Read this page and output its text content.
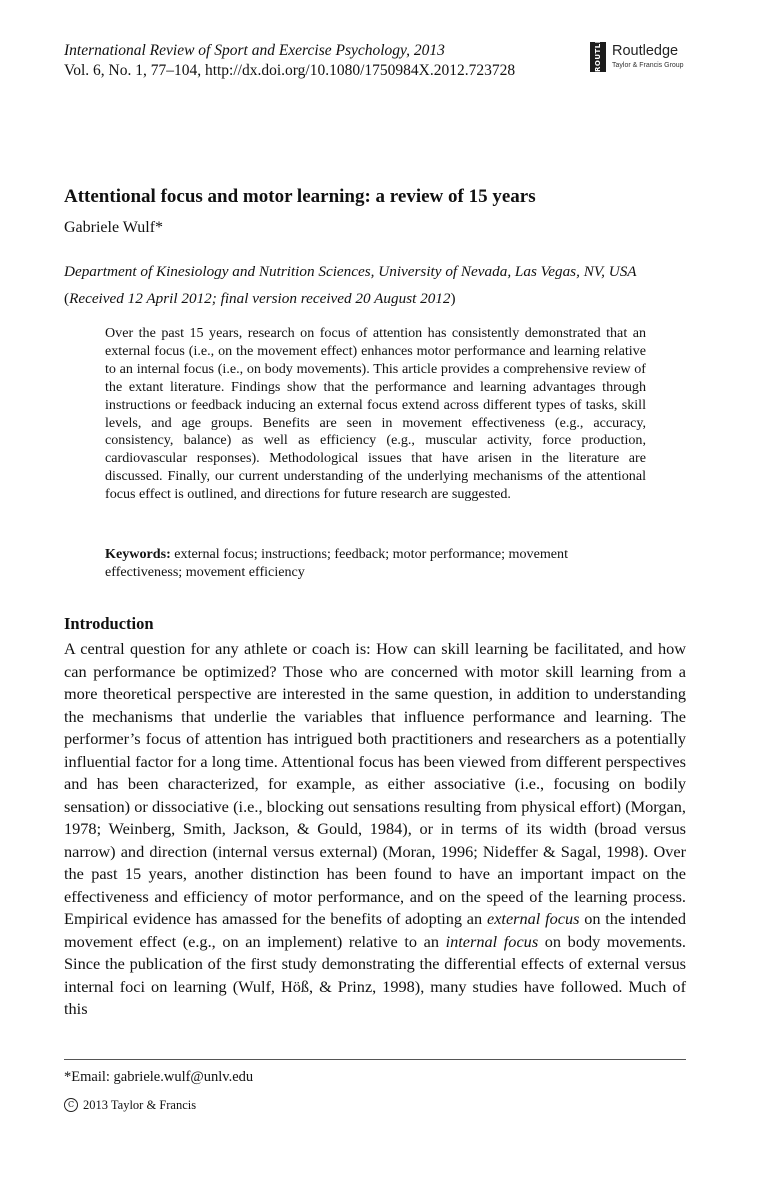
International Review of Sport and Exercise Psychology, 2013
Vol. 6, No. 1, 77–104, http://dx.doi.org/10.1080/1750984X.2012.723728	ROUTLEDGE Routledge
Taylor & Francis Group
Attentional focus and motor learning: a review of 15 years
Gabriele Wulf*
Department of Kinesiology and Nutrition Sciences, University of Nevada, Las Vegas, NV, USA
(Received 12 April 2012; final version received 20 August 2012)
Over the past 15 years, research on focus of attention has consistently demonstrated that an external focus (i.e., on the movement effect) enhances motor performance and learning relative to an internal focus (i.e., on body movements). This article provides a comprehensive review of the extant literature. Findings show that the performance and learning advantages through instructions or feedback inducing an external focus extend across different types of tasks, skill levels, and age groups. Benefits are seen in movement effectiveness (e.g., accuracy, consistency, balance) as well as efficiency (e.g., muscular activity, force production, cardiovascular responses). Methodological issues that have arisen in the literature are discussed. Finally, our current understanding of the underlying mechanisms of the attentional focus effect is outlined, and directions for future research are suggested.
Keywords: external focus; instructions; feedback; motor performance; movement effectiveness; movement efficiency
Introduction
A central question for any athlete or coach is: How can skill learning be facilitated, and how can performance be optimized? Those who are concerned with motor skill learning from a more theoretical perspective are interested in the same question, in addition to understanding the mechanisms that underlie the variables that influence performance and learning. The performer’s focus of attention has intrigued both practitioners and researchers as a potentially influential factor for a long time. Attentional focus has been viewed from different perspectives and has been characterized, for example, as either associative (i.e., focusing on bodily sensation) or dissociative (i.e., blocking out sensations resulting from physical effort) (Morgan, 1978; Weinberg, Smith, Jackson, & Gould, 1984), or in terms of its width (broad versus narrow) and direction (internal versus external) (Moran, 1996; Nideffer & Sagal, 1998). Over the past 15 years, another distinction has been found to have an important impact on the effectiveness and efficiency of motor performance, and on the speed of the learning process. Empirical evidence has amassed for the benefits of adopting an external focus on the intended movement effect (e.g., on an implement) relative to an internal focus on body movements. Since the publication of the first study demonstrating the differential effects of external versus internal foci on learning (Wulf, Höß, & Prinz, 1998), many studies have followed. Much of this
*Email: gabriele.wulf@unlv.edu
C 2013 Taylor & Francis
